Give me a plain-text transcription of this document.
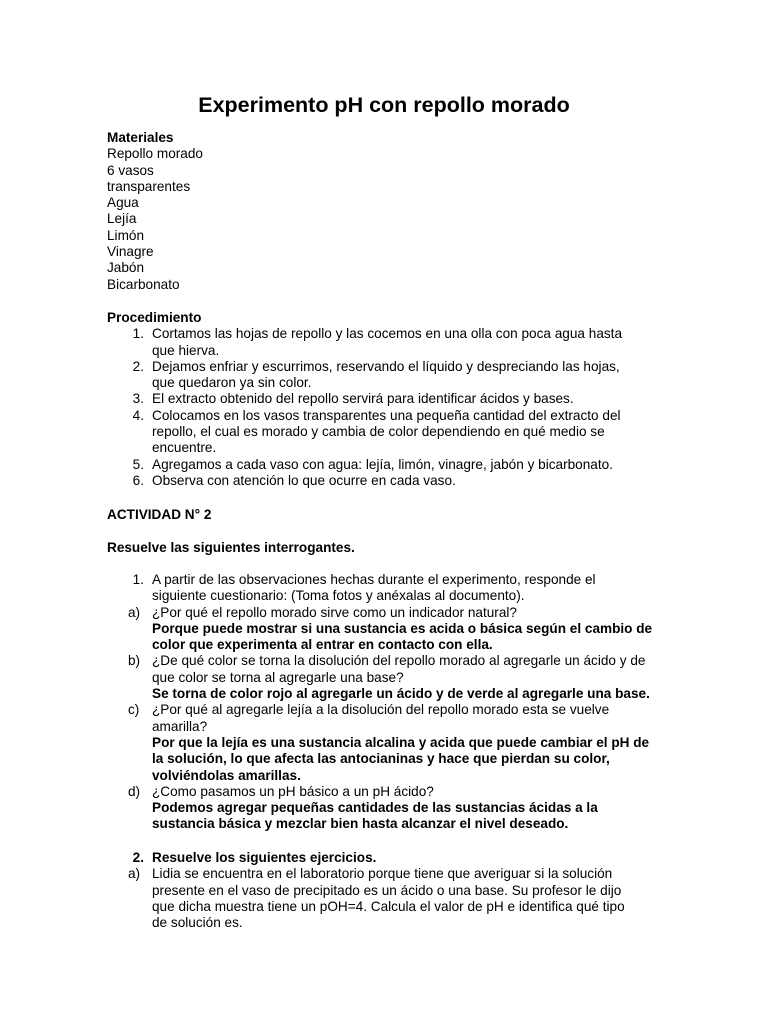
Experimento pH con repollo morado
Materiales
Repollo morado
6 vasos
transparentes
Agua
Lejía
Limón
Vinagre
Jabón
Bicarbonato
Procedimiento
1. Cortamos las hojas de repollo y las cocemos en una olla con poca agua hasta
que hierva.
2. Dejamos enfriar y escurrimos, reservando el líquido y despreciando las hojas,
que quedaron ya sin color.
3. El extracto obtenido del repollo servirá para identificar ácidos y bases.
4. Colocamos en los vasos transparentes una pequeña cantidad del extracto del
repollo, el cual es morado y cambia de color dependiendo en qué medio se
encuentre.
5. Agregamos a cada vaso con agua: lejía, limón, vinagre, jabón y bicarbonato.
6. Observa con atención lo que ocurre en cada vaso.
ACTIVIDAD N° 2
Resuelve las siguientes interrogantes.
1. A partir de las observaciones hechas durante el experimento, responde el
siguiente cuestionario: (Toma fotos y anéxalas al documento).
a) ¿Por qué el repollo morado sirve como un indicador natural?
Porque puede mostrar si una sustancia es acida o básica según el cambio de
color que experimenta al entrar en contacto con ella.
b) ¿De qué color se torna la disolución del repollo morado al agregarle un ácido y de
que color se torna al agregarle una base?
Se torna de color rojo al agregarle un ácido y de verde al agregarle una base.
c) ¿Por qué al agregarle lejía a la disolución del repollo morado esta se vuelve
amarilla?
Por que la lejía es una sustancia alcalina y acida que puede cambiar el pH de
la solución, lo que afecta las antocianinas y hace que pierdan su color,
volviéndolas amarillas.
d) ¿Como pasamos un pH básico a un pH ácido?
Podemos agregar pequeñas cantidades de las sustancias ácidas a la
sustancia básica y mezclar bien hasta alcanzar el nivel deseado.
2. Resuelve los siguientes ejercicios.
a) Lidia se encuentra en el laboratorio porque tiene que averiguar si la solución
presente en el vaso de precipitado es un ácido o una base. Su profesor le dijo
que dicha muestra tiene un pOH=4. Calcula el valor de pH e identifica qué tipo
de solución es.
